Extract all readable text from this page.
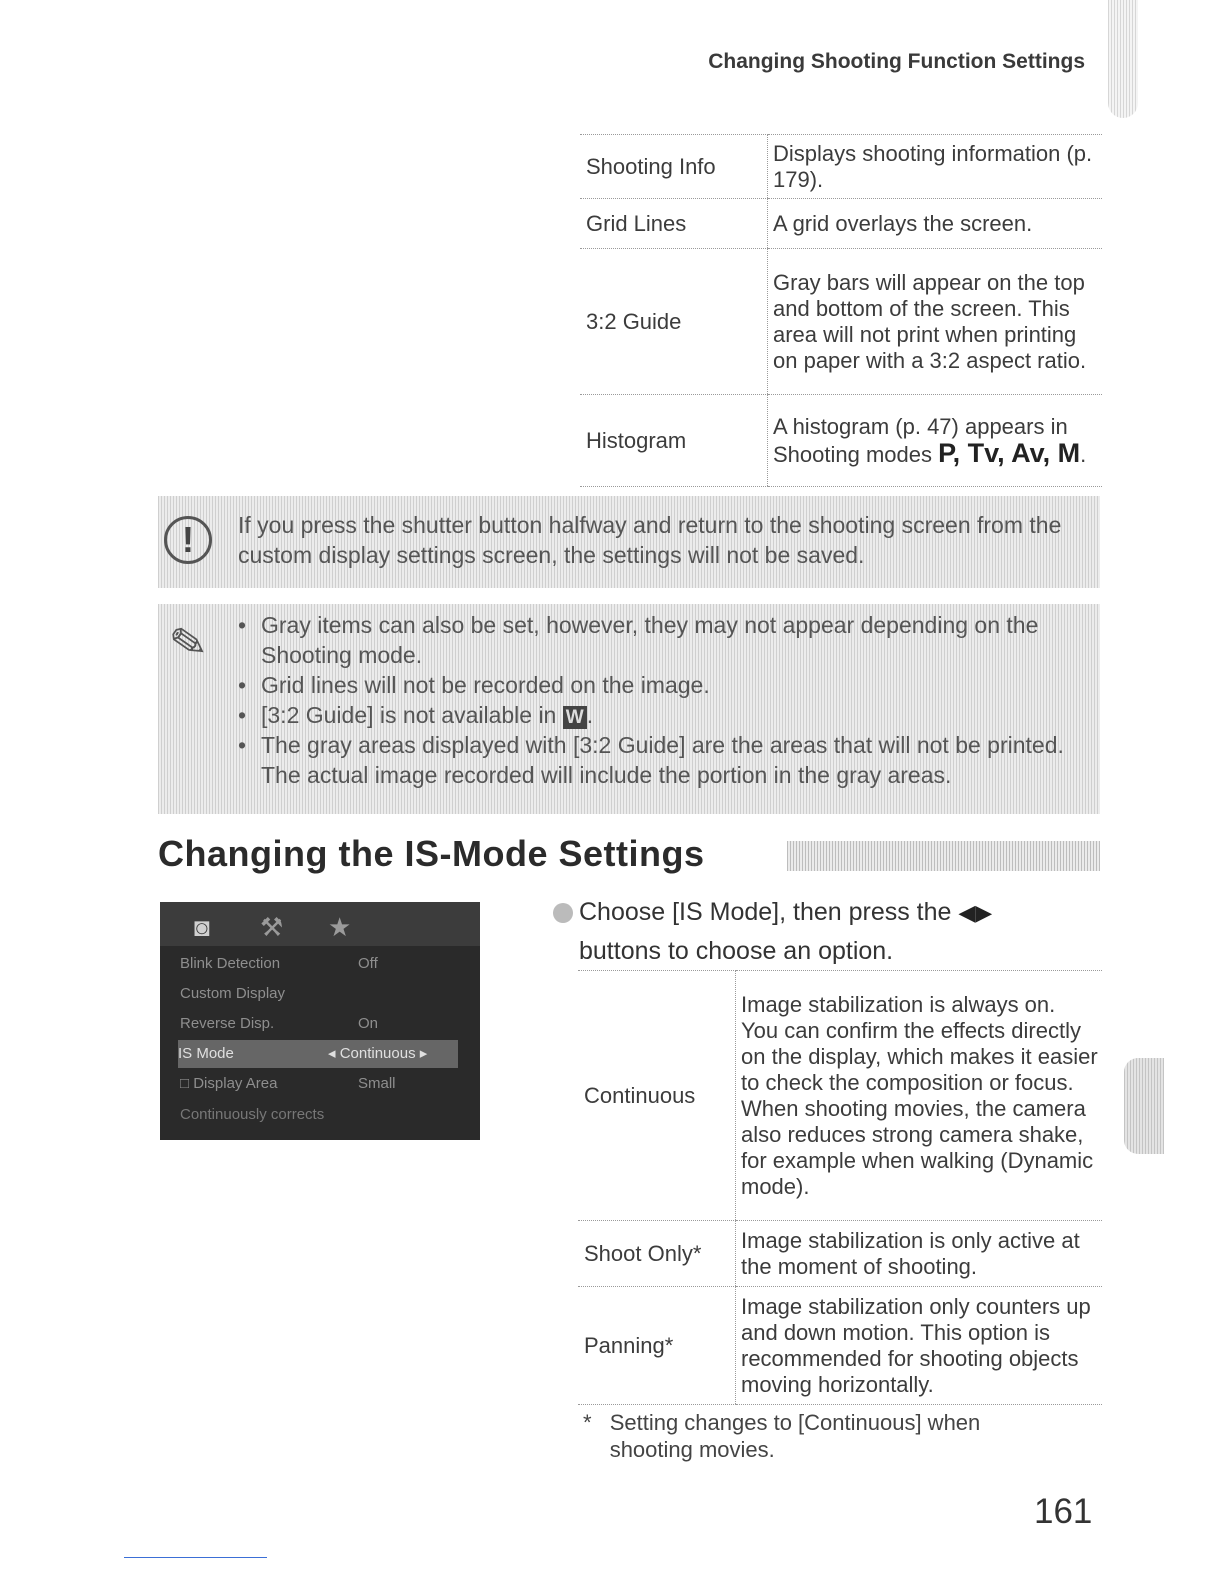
Changing Shooting Function Settings
Shooting Info	Displays shooting information (p. 179).
Grid Lines	A grid overlays the screen.
3:2 Guide	Gray bars will appear on the top and bottom of the screen. This area will not print when printing on paper with a 3:2 aspect ratio.
Histogram	A histogram (p. 47) appears in Shooting modes P, Tv, Av, M.
!	If you press the shutter button halfway and return to the shooting screen from the custom display settings screen, the settings will not be saved.
✎ • Gray items can also be set, however, they may not appear depending on the Shooting mode.
• Grid lines will not be recorded on the image.
• [3:2 Guide] is not available in W .
• The gray areas displayed with [3:2 Guide] are the areas that will not be printed. The actual image recorded will include the portion in the gray areas.
Changing the IS-Mode Settings
◙ ⚒ ★
Blink Detection	Off
Custom Display
Reverse Disp.	On
IS Mode	◂ Continuous ▸
□ Display Area	Small
Continuously corrects
Choose [IS Mode], then press the ◀▶
buttons to choose an option.
Continuous	Image stabilization is always on. You can confirm the effects directly on the display, which makes it easier to check the composition or focus. When shooting movies, the camera also reduces strong camera shake, for example when walking (Dynamic mode).
Shoot Only*	Image stabilization is only active at the moment of shooting.
Panning*	Image stabilization only counters up and down motion. This option is recommended for shooting objects moving horizontally.
* Setting changes to [Continuous] when shooting movies.
161
